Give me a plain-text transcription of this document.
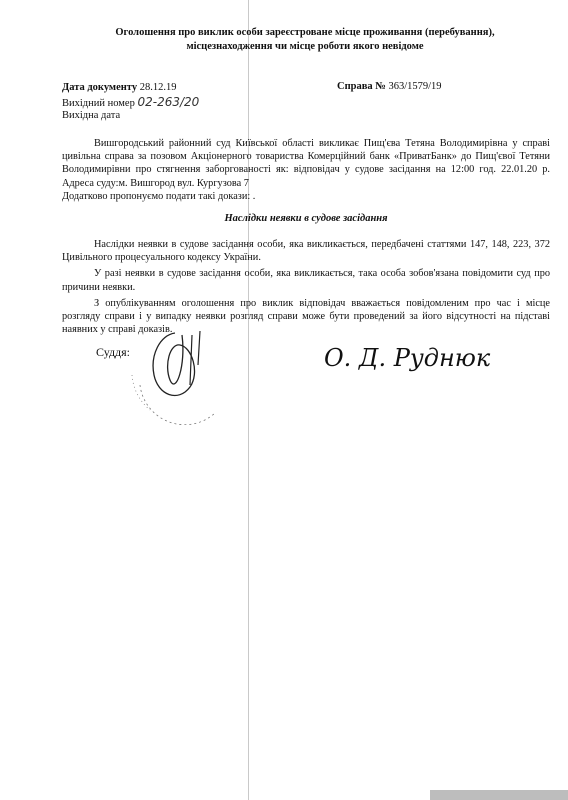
Оголошення про виклик особи зареєстроване місце проживання (перебування),
місцезнаходження чи місце роботи якого невідоме
Дата документу 28.12.19
Вихідний номер 02-263/20
Вихідна дата
Справа № 363/1579/19

Вишгородський районний суд Київської області викликає Пищ'єва Тетяна Володимирівна у справі цивільна справа за позовом Акціонерного товариства Комерційний банк «ПриватБанк» до Пищ'євої Тетяни Володимирівни про стягнення заборгованості як: відповідач у судове засідання на 12:00 год. 22.01.20 р. Адреса суду:м. Вишгород вул. Кургузова 7

Додатково пропонуємо подати такі докази: .

Наслідки неявки в судове засідання

Наслідки неявки в судове засідання особи, яка викликається, передбачені статтями 147, 148, 223, 372 Цивільного процесуального кодексу України.

У разі неявки в судове засідання особи, яка викликається, така особа зобов'язана повідомити суд про причини неявки.

З опублікуванням оголошення про виклик відповідач вважається повідомленим про час і місце розгляду справи і у випадку неявки розгляд справи може бути проведений за його відсутності на підставі наявних у справі доказів.

Суддя:	О. Д. Руднюк
